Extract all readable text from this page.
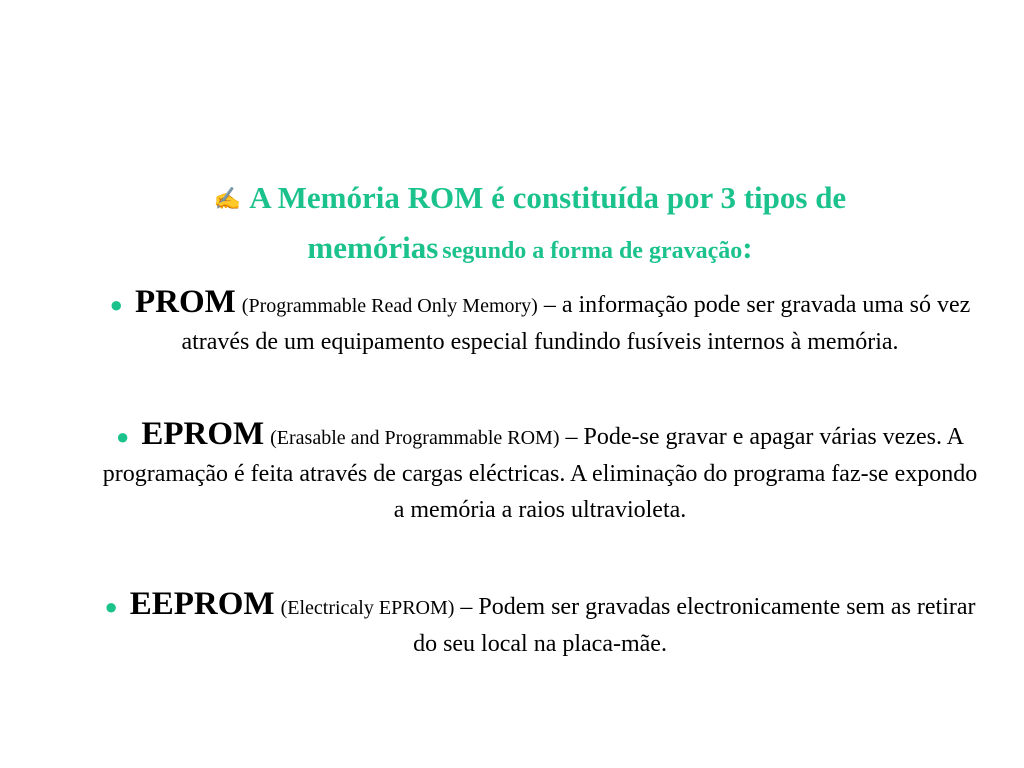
✍ A Memória ROM é constituída por 3 tipos de
memórias segundo a forma de gravação:
● PROM (Programmable Read Only Memory) – a informação pode ser gravada uma só vez através de um equipamento especial fundindo fusíveis internos à memória.
● EPROM (Erasable and Programmable ROM) – Pode-se gravar e apagar várias vezes. A programação é feita através de cargas eléctricas. A eliminação do programa faz-se expondo a memória a raios ultravioleta.
● EEPROM (Electricaly EPROM) – Podem ser gravadas electronicamente sem as retirar do seu local na placa-mãe.
